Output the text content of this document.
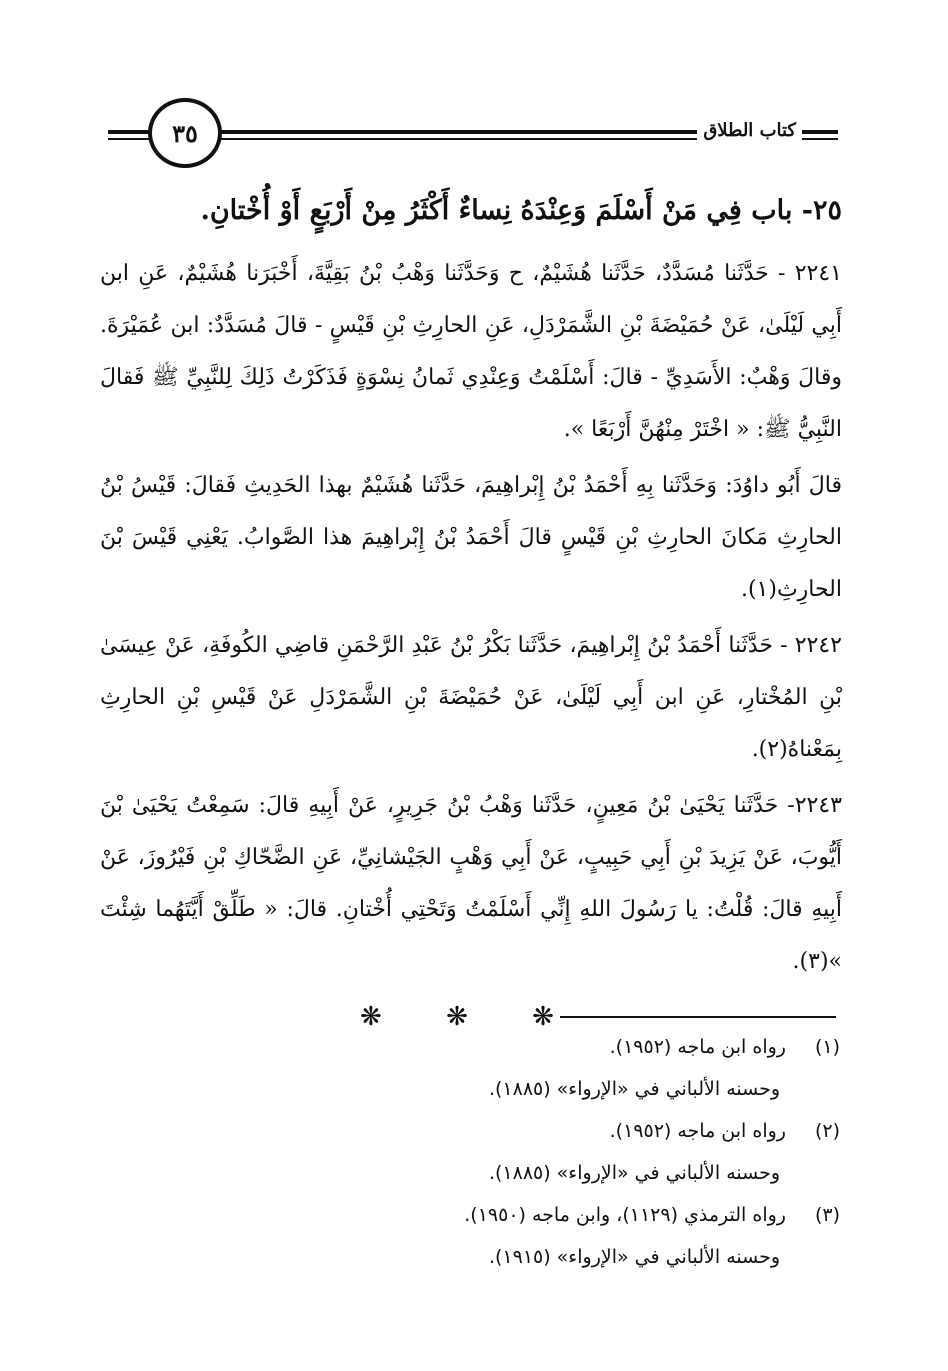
٣٥	كتاب الطلاق
٢٥- باب فِي مَنْ أَسْلَمَ وَعِنْدَهُ نِساءٌ أَكْثَرُ مِنْ أَرْبَعٍ أَوْ أُخْتانِ.

٢٢٤١ - حَدَّثَنا مُسَدَّدٌ، حَدَّثَنا هُشَيْمٌ، ح وَحَدَّثَنا وَهْبُ بْنُ بَقِيَّةَ، أَخْبَرَنا هُشَيْمٌ، عَنِ ابن أَبِي لَيْلَىٰ، عَنْ حُمَيْضَةَ بْنِ الشَّمَرْدَلِ، عَنِ الحارِثِ بْنِ قَيْسٍ - قالَ مُسَدَّدٌ: ابن عُمَيْرَةَ. وقالَ وَهْبٌ: الأَسَدِيِّ - قالَ: أَسْلَمْتُ وَعِنْدِي ثَمانُ نِسْوَةٍ فَذَكَرْتُ ذَلِكَ لِلنَّبِيِّ ﷺ فَقالَ النَّبِيُّ ﷺ: « اخْتَرْ مِنْهُنَّ أَرْبَعًا ».

قالَ أَبُو داوُدَ: وَحَدَّثَنا بِهِ أَحْمَدُ بْنُ إِبْراهِيمَ، حَدَّثَنا هُشَيْمٌ بهذا الحَدِيثِ فَقالَ: قَيْسُ بْنُ الحارِثِ مَكانَ الحارِثِ بْنِ قَيْسٍ قالَ أَحْمَدُ بْنُ إِبْراهِيمَ هذا الصَّوابُ. يَعْنِي قَيْسَ بْنَ الحارِثِ(١).

٢٢٤٢ - حَدَّثَنا أَحْمَدُ بْنُ إِبْراهِيمَ، حَدَّثَنا بَكْرُ بْنُ عَبْدِ الرَّحْمَنِ قاضِي الكُوفَةِ، عَنْ عِيسَىٰ بْنِ المُخْتارِ، عَنِ ابن أَبِي لَيْلَىٰ، عَنْ حُمَيْضَةَ بْنِ الشَّمَرْدَلِ عَنْ قَيْسِ بْنِ الحارِثِ بِمَعْناهُ(٢).

٢٢٤٣- حَدَّثَنا يَحْيَىٰ بْنُ مَعِينٍ، حَدَّثَنا وَهْبُ بْنُ جَرِيرٍ، عَنْ أَبِيهِ قالَ: سَمِعْتُ يَحْيَىٰ بْنَ أَيُّوبَ، عَنْ يَزِيدَ بْنِ أَبِي حَبِيبٍ، عَنْ أَبِي وَهْبٍ الجَيْشانِيِّ، عَنِ الضَّحّاكِ بْنِ فَيْرُوزَ، عَنْ أَبِيهِ قالَ: قُلْتُ: يا رَسُولَ اللهِ إِنِّي أَسْلَمْتُ وَتَحْتِي أُخْتانِ. قالَ: « طَلِّقْ أَيَّتَهُما شِئْتَ »(٣).

❋ ❋ ❋
(١) رواه ابن ماجه (١٩٥٢).
وحسنه الألباني في «الإرواء» (١٨٨٥).
(٢) رواه ابن ماجه (١٩٥٢).
وحسنه الألباني في «الإرواء» (١٨٨٥).
(٣) رواه الترمذي (١١٢٩)، وابن ماجه (١٩٥٠).
وحسنه الألباني في «الإرواء» (١٩١٥).
